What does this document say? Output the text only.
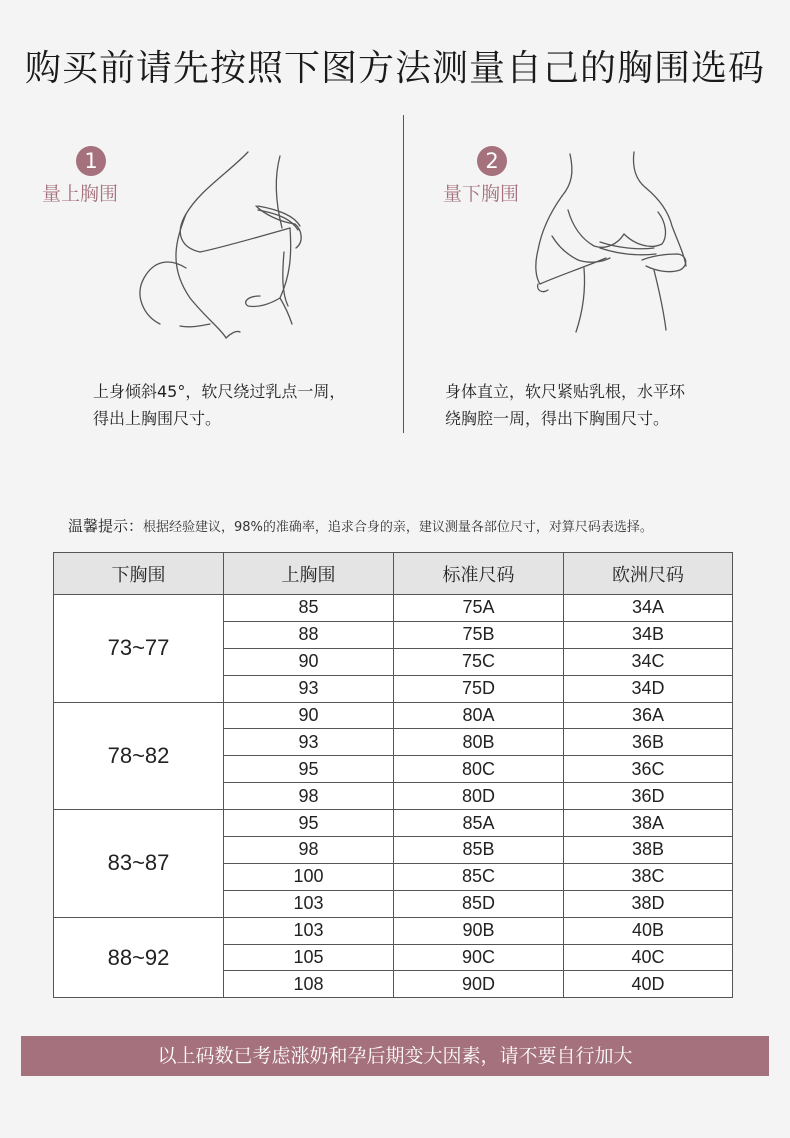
购买前请先按照下图方法测量自己的胸围选码
1
量上胸围
上身倾斜45°，软尺绕过乳点一周，
得出上胸围尺寸。
2
量下胸围
身体直立，软尺紧贴乳根，水平环
绕胸腔一周，得出下胸围尺寸。
温馨提示：根据经验建议，98%的准确率，追求合身的亲，建议测量各部位尺寸，对算尺码表选择。
下胸围	上胸围	标准尺码	欧洲尺码
73~77	85	75A	34A
	88	75B	34B
	90	75C	34C
	93	75D	34D
78~82	90	80A	36A
	93	80B	36B
	95	80C	36C
	98	80D	36D
83~87	95	85A	38A
	98	85B	38B
	100	85C	38C
	103	85D	38D
88~92	103	90B	40B
	105	90C	40C
	108	90D	40D
以上码数已考虑涨奶和孕后期变大因素，请不要自行加大
